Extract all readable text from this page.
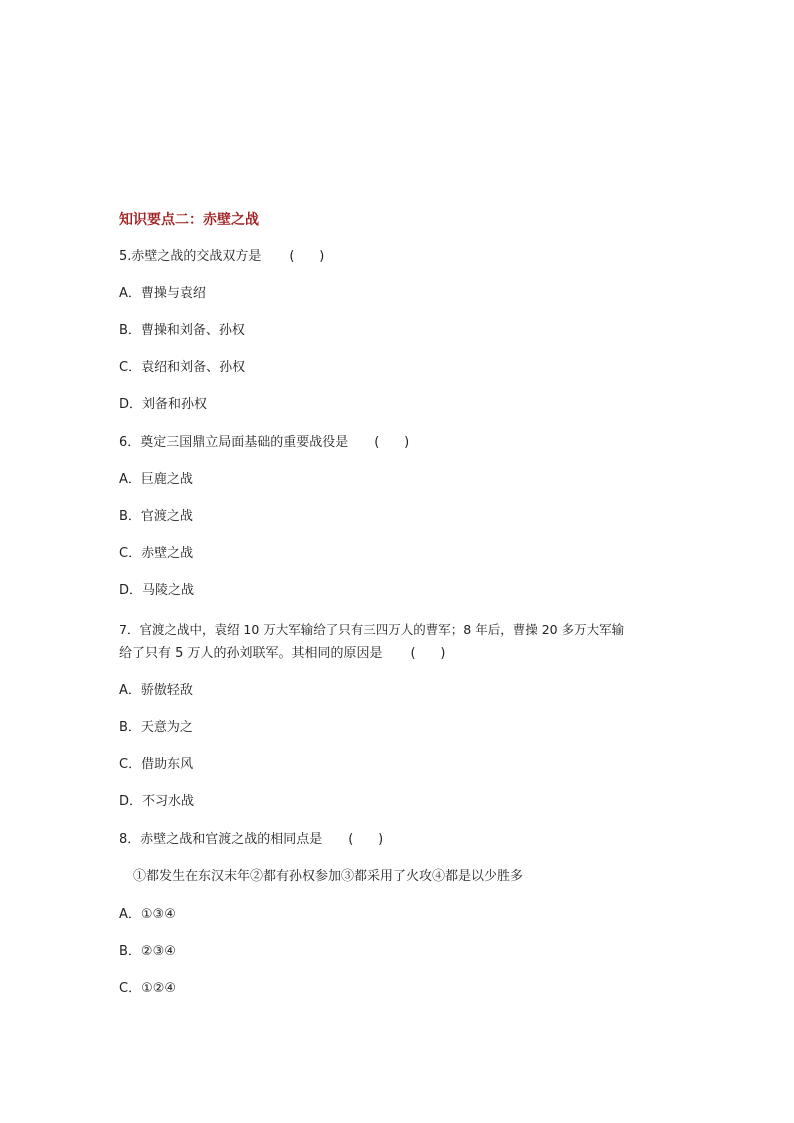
知识要点二：赤壁之战
5.赤壁之战的交战双方是 (      )
A．曹操与袁绍
B．曹操和刘备、孙权
C．袁绍和刘备、孙权
D．刘备和孙权
6．奠定三国鼎立局面基础的重要战役是 (      )
A．巨鹿之战
B．官渡之战
C．赤壁之战
D．马陵之战
7．官渡之战中，袁绍 10 万大军输给了只有三四万人的曹军；8 年后，曹操 20 多万大军输
给了只有 5 万人的孙刘联军。其相同的原因是 (      )
A．骄傲轻敌
B．天意为之
C．借助东风
D．不习水战
8．赤壁之战和官渡之战的相同点是 (      )
①都发生在东汉末年②都有孙权参加③都采用了火攻④都是以少胜多
A．①③④
B．②③④
C．①②④
